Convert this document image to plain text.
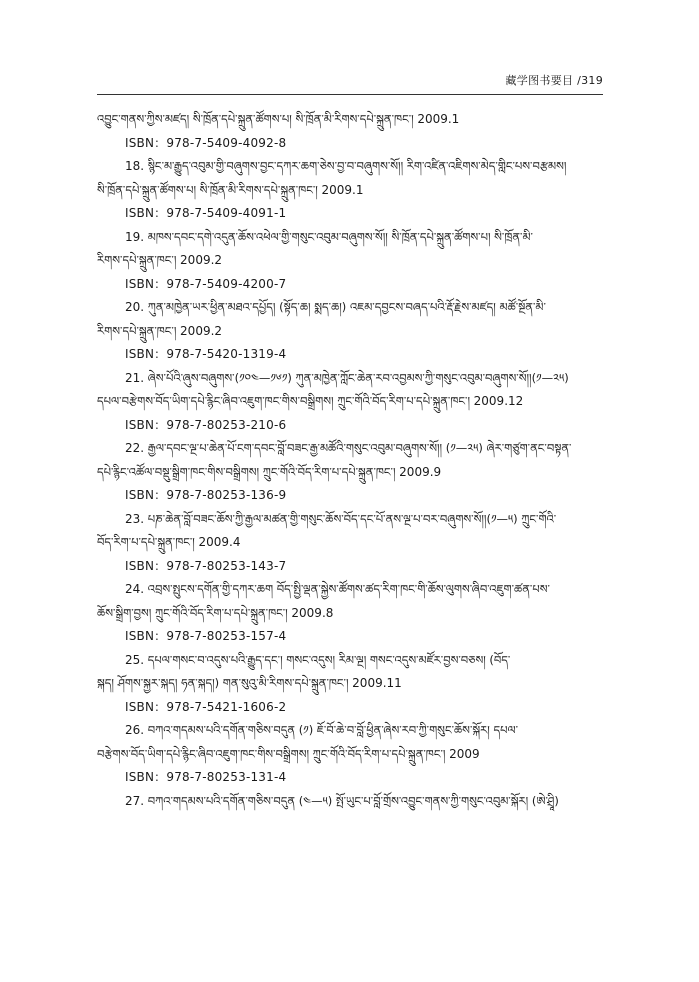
藏学图书要目 /319
འབྱུང་གནས་ཀྱིས་མཛད། སི་ཁྲོན་དཔེ་སྐྲུན་ཚོགས་པ། སི་ཁྲོན་མི་རིགས་དཔེ་སྐྲུན་ཁང་། 2009.1
ISBN：978-7-5409-4092-8
18. སྙིང་མ་རྒྱུད་འབུམ་གྱི་བཞུགས་བྱང་དཀར་ཆག་ཅེས་བྱ་བ་བཞུགས་སོ།། རིག་འཛིན་འཇིགས་མེད་གླིང་པས་བརྩམས།
སི་ཁྲོན་དཔེ་སྐྲུན་ཚོགས་པ། སི་ཁྲོན་མི་རིགས་དཔེ་སྐྲུན་ཁང་། 2009.1
ISBN：978-7-5409-4091-1
19. མཁས་དབང་དགེ་འདུན་ཆོས་འཕེལ་གྱི་གསུང་འབུམ་བཞུགས་སོ།། སི་ཁྲོན་དཔེ་སྐྲུན་ཚོགས་པ། སི་ཁྲོན་མི་
རིགས་དཔེ་སྐྲུན་ཁང་། 2009.2
ISBN：978-7-5409-4200-7
20. ཀུན་མཁྱེན་ཡར་ཕྱིན་མཐའ་དཔྱོད། (སྟོད་ཆ། སྨད་ཆ།) འཇམ་དབྱངས་བཞད་པའི་རྡོ་རྗེས་མཛད། མཚོ་སྔོན་མི་
རིགས་དཔེ་སྐྲུན་ཁང་། 2009.2
ISBN：978-7-5420-1319-4
21. ཞེས་པོའི་ཞུས་བཞུགས་(༡༠༤—༡༦༡) ཀུན་མཁྱེན་ཀློང་ཆེན་རབ་འབྱམས་ཀྱི་གསུང་འབུམ་བཞུགས་སོ།།(༡—༢༥)
དཔལ་བརྩེགས་བོད་ཡིག་དཔེ་རྙིང་ཞིབ་འཇུག་ཁང་གིས་བསྒྲིགས། ཀྲུང་གོའི་བོད་རིག་པ་དཔེ་སྐྲུན་ཁང་། 2009.12
ISBN：978-7-80253-210-6
22. རྒྱལ་དབང་ལྔ་པ་ཆེན་པོ་ངག་དབང་བློ་བཟང་རྒྱ་མཚོའི་གསུང་འབུམ་བཞུགས་སོ།། (༡—༢༥) ཞེར་གཙུག་ནང་བསྟན་
དཔེ་རྙིང་འཚོལ་བསྡུ་སྒྲིག་ཁང་གིས་བསྒྲིགས། ཀྲུང་གོའི་བོད་རིག་པ་དཔེ་སྐྲུན་ཁང་། 2009.9
ISBN：978-7-80253-136-9
23. པཎ་ཆེན་བློ་བཟང་ཆོས་ཀྱི་རྒྱལ་མཚན་གྱི་གསུང་ཆོས་བོད་དང་པོ་ནས་ལྔ་པ་བར་བཞུགས་སོ།།(༡—༥) ཀྲུང་གོའི་
བོད་རིག་པ་དཔེ་སྐྲུན་ཁང་། 2009.4
ISBN：978-7-80253-143-7
24. འབྲས་སྤུངས་དགོན་གྱི་དཀར་ཆག བོད་སྤྱི་ལྡན་སྐྱེས་ཚོགས་ཚད་རིག་ཁང་གི་ཆོས་ལུགས་ཞིབ་འཇུག་ཚན་པས་
ཆོས་སྒྲིག་བྱས། ཀྲུང་གོའི་བོད་རིག་པ་དཔེ་སྐྲུན་ཁང་། 2009.8
ISBN：978-7-80253-157-4
25. དཔལ་གསང་བ་འདུས་པའི་རྒྱུད་དང་། གསང་འདུས། རིམ་ལྔ། གསང་འདུས་མཛོར་བྱས་བཅས། (བོད་
སྐད། ཤོགས་སྐྱར་སྐད། ཧན་སྐད།) གན་སུའུ་མི་རིགས་དཔེ་སྐྲུན་ཁང་། 2009.11
ISBN：978-7-5421-1606-2
26. བཀའ་གདམས་པའི་དགོན་གཅིས་བདུན (༡) ཇོ་བོ་ཆེ་བ་བློ་ཕྱིན་ཞེས་རབ་ཀྱི་གསུང་ཆོས་སྐོར། དཔལ་
བརྩེགས་བོད་ཡིག་དཔེ་རྙིང་ཞིབ་འཇུག་ཁང་གིས་བསྒྲིགས། ཀྲུང་གོའི་བོད་རིག་པ་དཔེ་སྐྲུན་ཁང་། 2009
ISBN：978-7-80253-131-4
27. བཀའ་གདམས་པའི་དགོན་གཅིས་བདུན (༤—༥) སྤོ་ཡུང་པ་བློ་གྲོས་འབྱུང་གནས་ཀྱི་གསུང་འབུམ་སྐོར། (ཨེ་ཤྲཱི)
